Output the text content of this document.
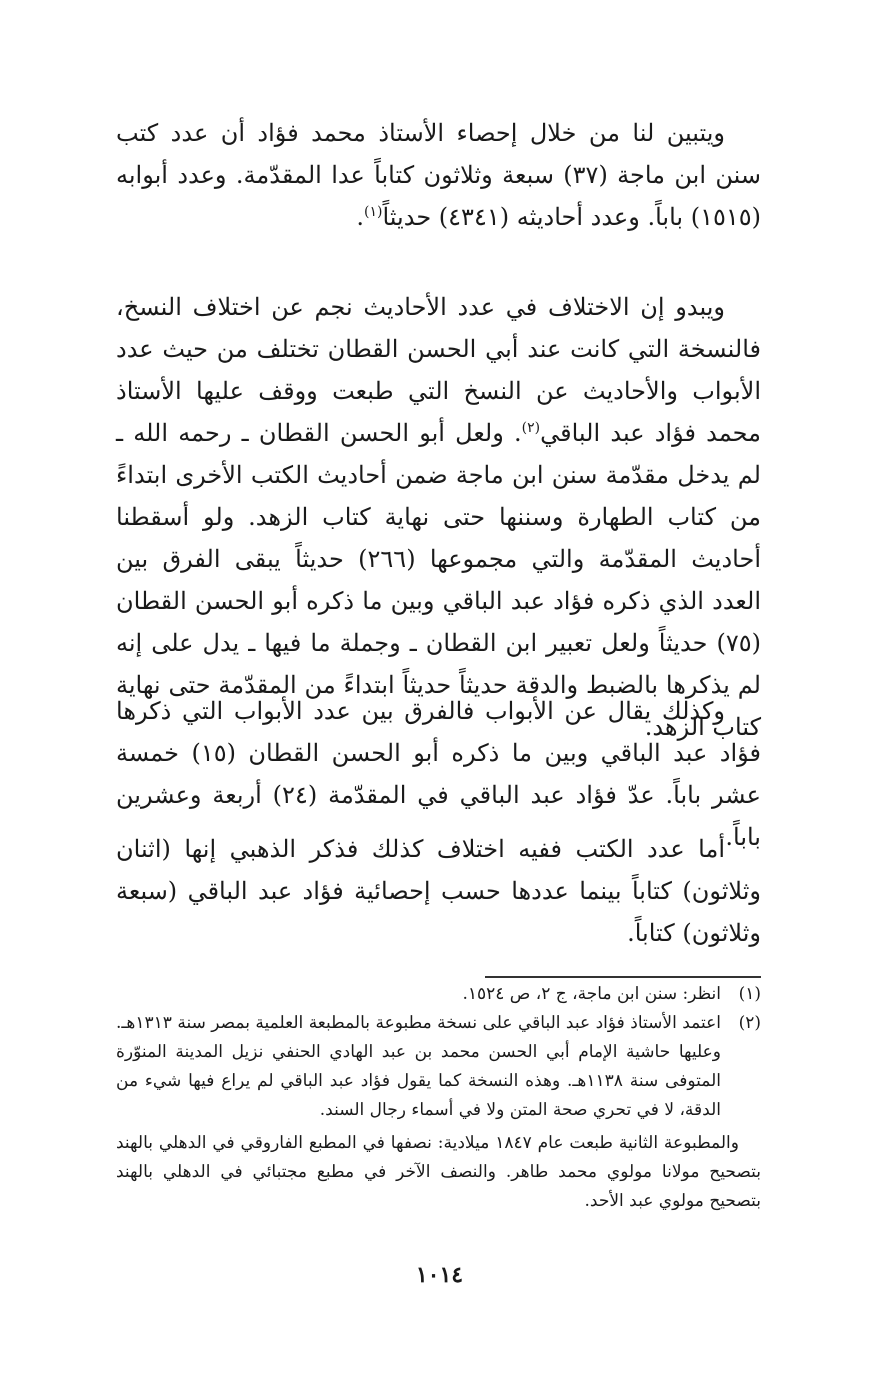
ويتبين لنا من خلال إحصاء الأستاذ محمد فؤاد أن عدد كتب سنن ابن ماجة (٣٧) سبعة وثلاثون كتاباً عدا المقدّمة. وعدد أبوابه (١٥١٥) باباً. وعدد أحاديثه (٤٣٤١) حديثاً$^{(١)}$.

ويبدو إن الاختلاف في عدد الأحاديث نجم عن اختلاف النسخ، فالنسخة التي كانت عند أبي الحسن القطان تختلف من حيث عدد الأبواب والأحاديث عن النسخ التي طبعت ووقف عليها الأستاذ محمد فؤاد عبد الباقي$^{(٢)}$. ولعل أبو الحسن القطان ـ رحمه الله ـ لم يدخل مقدّمة سنن ابن ماجة ضمن أحاديث الكتب الأخرى ابتداءً من كتاب الطهارة وسننها حتى نهاية كتاب الزهد. ولو أسقطنا أحاديث المقدّمة والتي مجموعها (٢٦٦) حديثاً يبقى الفرق بين العدد الذي ذكره فؤاد عبد الباقي وبين ما ذكره أبو الحسن القطان (٧٥) حديثاً ولعل تعبير ابن القطان ـ وجملة ما فيها ـ يدل على إنه لم يذكرها بالضبط والدقة حديثاً حديثاً ابتداءً من المقدّمة حتى نهاية كتاب الزهد.

وكذلك يقال عن الأبواب فالفرق بين عدد الأبواب التي ذكرها فؤاد عبد الباقي وبين ما ذكره أبو الحسن القطان (١٥) خمسة عشر باباً. عدّ فؤاد عبد الباقي في المقدّمة (٢٤) أربعة وعشرين باباً.

أما عدد الكتب ففيه اختلاف كذلك فذكر الذهبي إنها (اثنان وثلاثون) كتاباً بينما عددها حسب إحصائية فؤاد عبد الباقي (سبعة وثلاثون) كتاباً.

(١)
انظر: سنن ابن ماجة، ج ٢، ص ١٥٢٤.
(٢)
اعتمد الأستاذ فؤاد عبد الباقي على نسخة مطبوعة بالمطبعة العلمية بمصر سنة ١٣١٣هـ. وعليها حاشية الإمام أبي الحسن محمد بن عبد الهادي الحنفي نزيل المدينة المنوّرة المتوفى سنة ١١٣٨هـ. وهذه النسخة كما يقول فؤاد عبد الباقي لم يراع فيها شيء من الدقة، لا في تحري صحة المتن ولا في أسماء رجال السند.
والمطبوعة الثانية طبعت عام ١٨٤٧ ميلادية: نصفها في المطبع الفاروقي في الدهلي بالهند بتصحيح مولانا مولوي محمد طاهر. والنصف الآخر في مطبع مجتبائي في الدهلي بالهند بتصحيح مولوي عبد الأحد.
١٠١٤
